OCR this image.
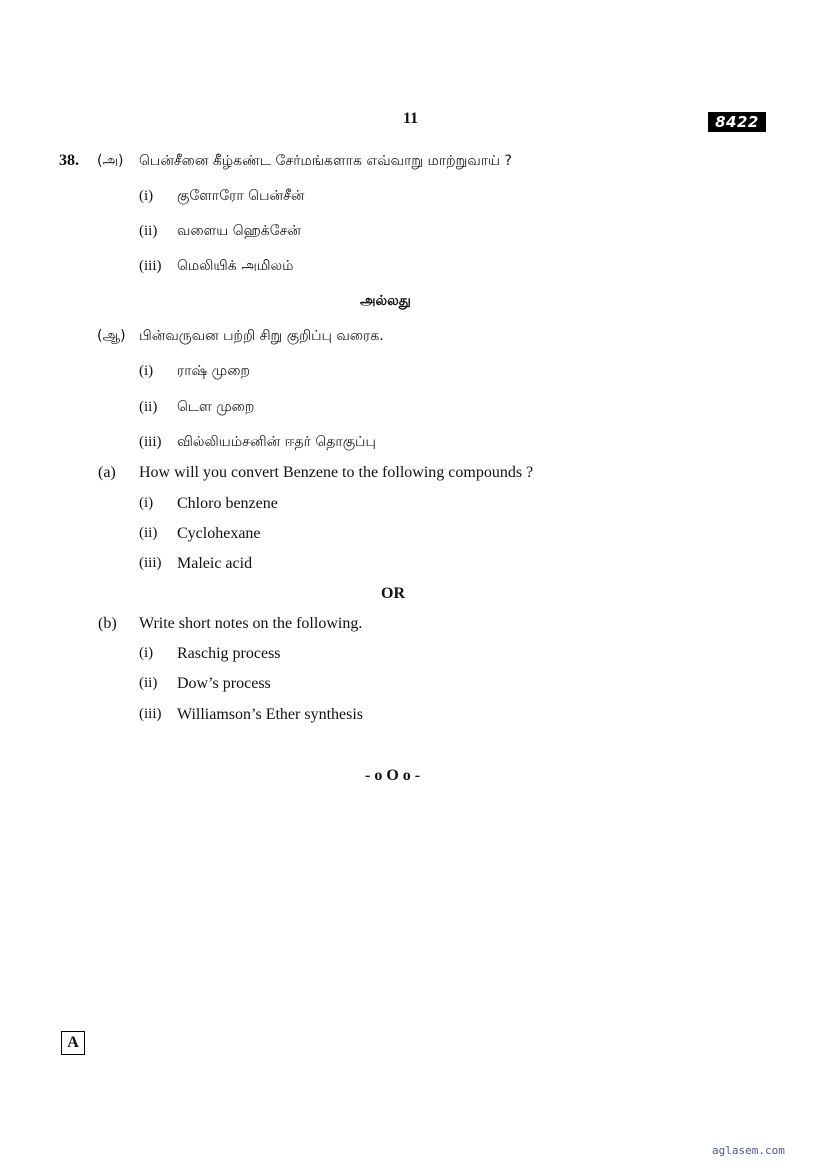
11	8422
38. (அ) பென்சீனை கீழ்கண்ட சேர்மங்களாக எவ்வாறு மாற்றுவாய் ?
(i) குளோரோ பென்சீன்
(ii) வளைய ஹெக்சேன்
(iii) மெலியிக் அமிலம்
அல்லது
(ஆ) பின்வருவன பற்றி சிறு குறிப்பு வரைக.
(i) ராஷ் முறை
(ii) டௌ முறை
(iii) வில்லியம்சனின் ஈதர் தொகுப்பு
(a) How will you convert Benzene to the following compounds ?
(i) Chloro benzene
(ii) Cyclohexane
(iii) Maleic acid
OR
(b) Write short notes on the following.
(i) Raschig process
(ii) Dow’s process
(iii) Williamson’s Ether synthesis
- o O o -
A
aglasem.com
